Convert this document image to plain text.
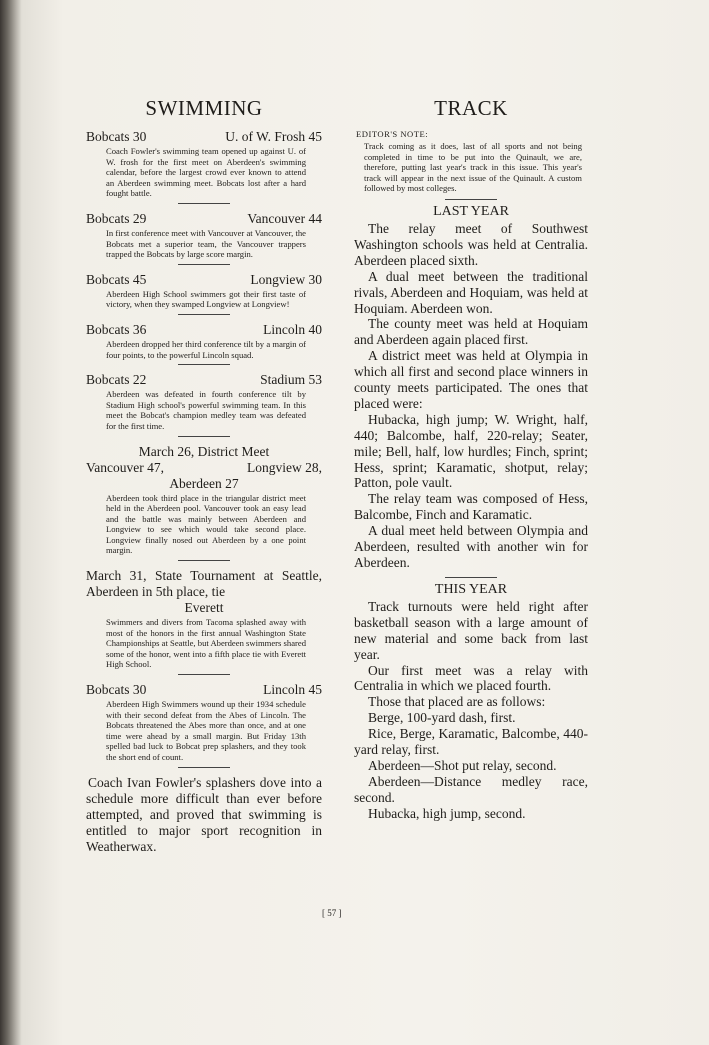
SWIMMING
Bobcats 30	U. of W. Frosh 45
Coach Fowler's swimming team opened up against U. of W. frosh for the first meet on Aberdeen's swimming calendar, before the largest crowd ever known to attend an Aberdeen swimming meet. Bobcats lost after a hard fought battle.
Bobcats 29	Vancouver 44
In first conference meet with Vancouver at Vancouver, the Bobcats met a superior team, the Vancouver trappers trapped the Bobcats by large score margin.
Bobcats 45	Longview 30
Aberdeen High School swimmers got their first taste of victory, when they swamped Longview at Longview!
Bobcats 36	Lincoln 40
Aberdeen dropped her third conference tilt by a margin of four points, to the powerful Lincoln squad.
Bobcats 22	Stadium 53
Aberdeen was defeated in fourth conference tilt by Stadium High school's powerful swimming team. In this meet the Bobcat's champion medley team was defeated for the first time.
March 26, District Meet
Vancouver 47,	Longview 28,
Aberdeen 27
Aberdeen took third place in the triangular district meet held in the Aberdeen pool. Vancouver took an easy lead and the battle was mainly between Aberdeen and Longview to see which would take second place. Longview finally nosed out Aberdeen by a one point margin.
March 31, State Tournament at Seattle, Aberdeen in 5th place, tie
Everett
Swimmers and divers from Tacoma splashed away with most of the honors in the first annual Washington State Championships at Seattle, but Aberdeen swimmers shared some of the honor, went into a fifth place tie with Everett High School.
Bobcats 30	Lincoln 45
Aberdeen High Swimmers wound up their 1934 schedule with their second defeat from the Abes of Lincoln. The Bobcats threatened the Abes more than once, and at one time were ahead by a small margin. But Friday 13th spelled bad luck to Bobcat prep splashers, and they took the short end of count.

Coach Ivan Fowler's splashers dove into a schedule more difficult than ever before attempted, and proved that swimming is entitled to major sport recognition in Weatherwax.

TRACK
EDITOR'S NOTE:

Track coming as it does, last of all sports and not being completed in time to be put into the Quinault, we are, therefore, putting last year's track in this issue. This year's track will appear in the next issue of the Quinault. A custom followed by most colleges.

LAST YEAR

The relay meet of Southwest Washington schools was held at Centralia. Aberdeen placed sixth.

A dual meet between the traditional rivals, Aberdeen and Hoquiam, was held at Hoquiam. Aberdeen won.

The county meet was held at Hoquiam and Aberdeen again placed first.

A district meet was held at Olympia in which all first and second place winners in county meets participated. The ones that placed were:

Hubacka, high jump; W. Wright, half, 440; Balcombe, half, 220-relay; Seater, mile; Bell, half, low hurdles; Finch, sprint; Hess, sprint; Karamatic, shotput, relay; Patton, pole vault.

The relay team was composed of Hess, Balcombe, Finch and Karamatic.

A dual meet held between Olympia and Aberdeen, resulted with another win for Aberdeen.

THIS YEAR

Track turnouts were held right after basketball season with a large amount of new material and some back from last year.

Our first meet was a relay with Centralia in which we placed fourth.

Those that placed are as follows:

Berge, 100-yard dash, first.

Rice, Berge, Karamatic, Balcombe, 440-yard relay, first.

Aberdeen—Shot put relay, second.

Aberdeen—Distance medley race, second.

Hubacka, high jump, second.

[ 57 ]
